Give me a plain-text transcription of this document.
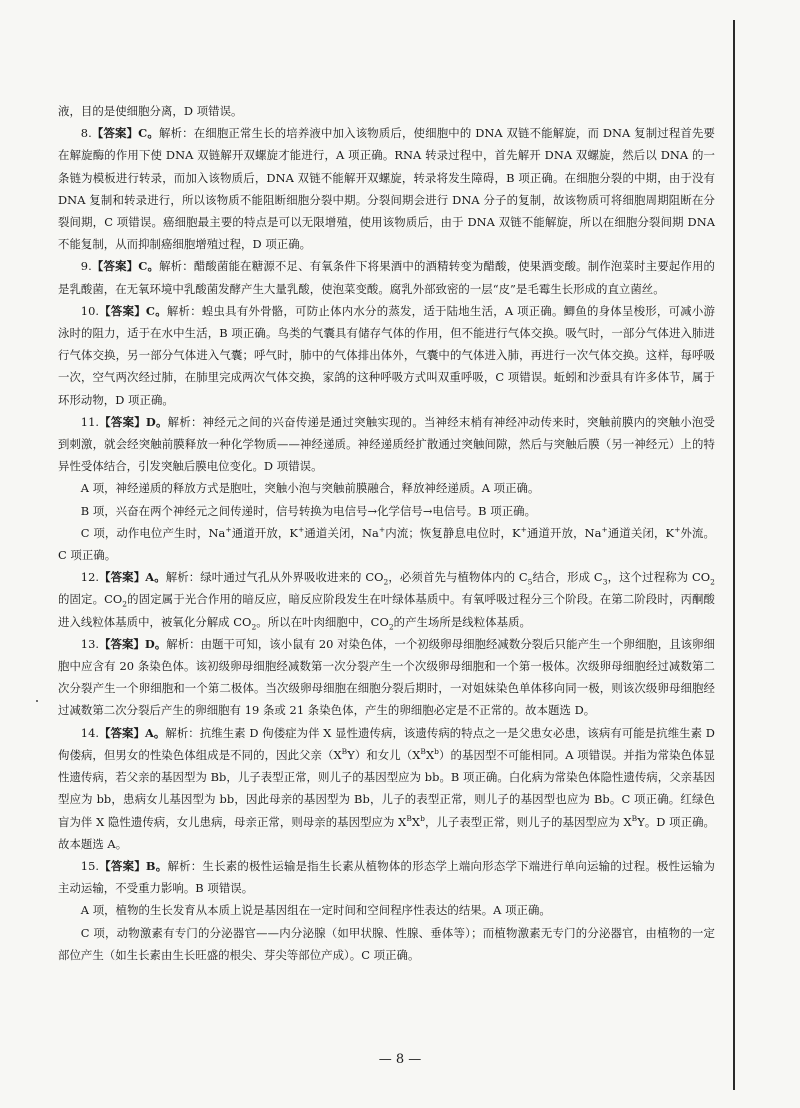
液，目的是使细胞分离，D 项错误。

8.【答案】C。解析：在细胞正常生长的培养液中加入该物质后，使细胞中的 DNA 双链不能解旋，而 DNA 复制过程首先要在解旋酶的作用下使 DNA 双链解开双螺旋才能进行，A 项正确。RNA 转录过程中，首先解开 DNA 双螺旋，然后以 DNA 的一条链为模板进行转录，而加入该物质后，DNA 双链不能解开双螺旋，转录将发生障碍，B 项正确。在细胞分裂的中期，由于没有 DNA 复制和转录进行，所以该物质不能阻断细胞分裂中期。分裂间期会进行 DNA 分子的复制，故该物质可将细胞周期阻断在分裂间期，C 项错误。癌细胞最主要的特点是可以无限增殖，使用该物质后，由于 DNA 双链不能解旋，所以在细胞分裂间期 DNA 不能复制，从而抑制癌细胞增殖过程，D 项正确。

9.【答案】C。解析：醋酸菌能在糖源不足、有氧条件下将果酒中的酒精转变为醋酸，使果酒变酸。制作泡菜时主要起作用的是乳酸菌，在无氧环境中乳酸菌发酵产生大量乳酸，使泡菜变酸。腐乳外部致密的一层“皮”是毛霉生长形成的直立菌丝。

10.【答案】C。解析：蝗虫具有外骨骼，可防止体内水分的蒸发，适于陆地生活，A 项正确。鲫鱼的身体呈梭形，可减小游泳时的阻力，适于在水中生活，B 项正确。鸟类的气囊具有储存气体的作用，但不能进行气体交换。吸气时，一部分气体进入肺进行气体交换，另一部分气体进入气囊；呼气时，肺中的气体排出体外，气囊中的气体进入肺，再进行一次气体交换。这样，每呼吸一次，空气两次经过肺，在肺里完成两次气体交换，家鸽的这种呼吸方式叫双重呼吸，C 项错误。蚯蚓和沙蚕具有许多体节，属于环形动物，D 项正确。

11.【答案】D。解析：神经元之间的兴奋传递是通过突触实现的。当神经末梢有神经冲动传来时，突触前膜内的突触小泡受到刺激，就会经突触前膜释放一种化学物质——神经递质。神经递质经扩散通过突触间隙，然后与突触后膜（另一神经元）上的特异性受体结合，引发突触后膜电位变化。D 项错误。

A 项，神经递质的释放方式是胞吐，突触小泡与突触前膜融合，释放神经递质。A 项正确。

B 项，兴奋在两个神经元之间传递时，信号转换为电信号→化学信号→电信号。B 项正确。

C 项，动作电位产生时，Na+通道开放，K+通道关闭，Na+内流；恢复静息电位时，K+通道开放，Na+通道关闭，K+外流。C 项正确。

12.【答案】A。解析：绿叶通过气孔从外界吸收进来的 $CO_2$，必须首先与植物体内的 $C_5$结合，形成 $C_3$，这个过程称为 $CO_2$的固定。$CO_2$的固定属于光合作用的暗反应，暗反应阶段发生在叶绿体基质中。有氧呼吸过程分三个阶段。在第二阶段时，丙酮酸进入线粒体基质中，被氧化分解成 $CO_2$。所以在叶肉细胞中，$CO_2$的产生场所是线粒体基质。

13.【答案】D。解析：由题干可知，该小鼠有 20 对染色体，一个初级卵母细胞经减数分裂后只能产生一个卵细胞，且该卵细胞中应含有 20 条染色体。该初级卵母细胞经减数第一次分裂产生一个次级卵母细胞和一个第一极体。次级卵母细胞经过减数第二次分裂产生一个卵细胞和一个第二极体。当次级卵母细胞在细胞分裂后期时，一对姐妹染色单体移向同一极，则该次级卵母细胞经过减数第二次分裂后产生的卵细胞有 19 条或 21 条染色体，产生的卵细胞必定是不正常的。故本题选 D。

14.【答案】A。解析：抗维生素 D 佝偻症为伴 X 显性遗传病，该遗传病的特点之一是父患女必患，该病有可能是抗维生素 D 佝偻病，但男女的性染色体组成是不同的，因此父亲$(X^BY)$和女儿$(X^BX^b)$的基因型不可能相同。A 项错误。并指为常染色体显性遗传病，若父亲的基因型为 Bb，儿子表型正常，则儿子的基因型应为 bb。B 项正确。白化病为常染色体隐性遗传病，父亲基因型应为 bb，患病女儿基因型为 bb，因此母亲的基因型为 Bb，儿子的表型正常，则儿子的基因型也应为 Bb。C 项正确。红绿色盲为伴 X 隐性遗传病，女儿患病，母亲正常，则母亲的基因型应为 $X^BX^b$，儿子表型正常，则儿子的基因型应为 $X^BY$。D 项正确。故本题选 A。

15.【答案】B。解析：生长素的极性运输是指生长素从植物体的形态学上端向形态学下端进行单向运输的过程。极性运输为主动运输，不受重力影响。B 项错误。

A 项，植物的生长发育从本质上说是基因组在一定时间和空间程序性表达的结果。A 项正确。

C 项，动物激素有专门的分泌器官——内分泌腺（如甲状腺、性腺、垂体等）；而植物激素无专门的分泌器官，由植物的一定部位产生（如生长素由生长旺盛的根尖、芽尖等部位产成）。C 项正确。

— 8 —
